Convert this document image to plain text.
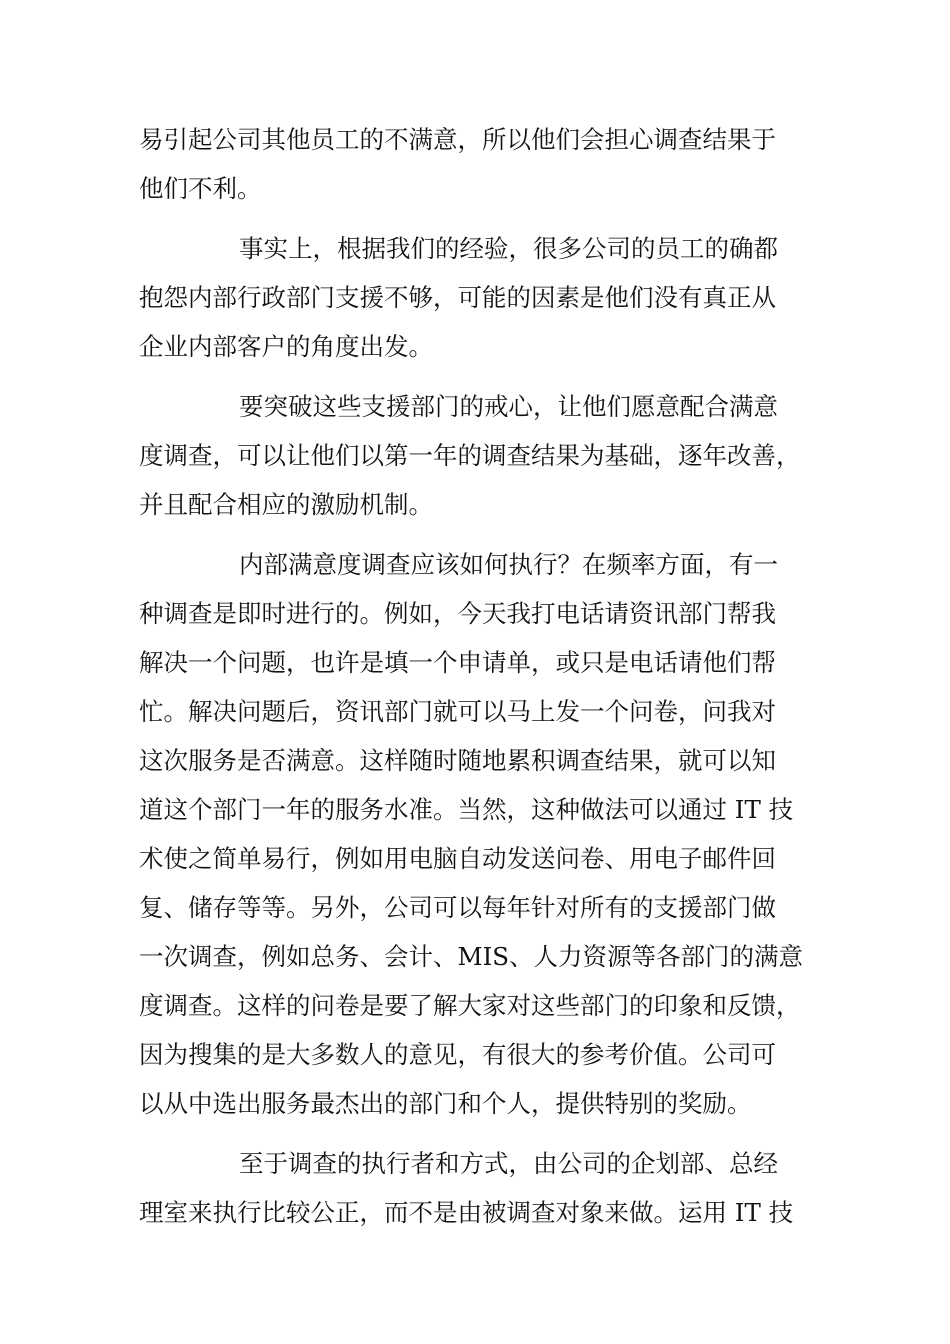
易引起公司其他员工的不满意，所以他们会担心调查结果于
他们不利。
事实上，根据我们的经验，很多公司的员工的确都
抱怨内部行政部门支援不够，可能的因素是他们没有真正从
企业内部客户的角度出发。
要突破这些支援部门的戒心，让他们愿意配合满意
度调查，可以让他们以第一年的调查结果为基础，逐年改善，
并且配合相应的激励机制。
内部满意度调查应该如何执行？在频率方面，有一
种调查是即时进行的。例如，今天我打电话请资讯部门帮我
解决一个问题，也许是填一个申请单，或只是电话请他们帮
忙。解决问题后，资讯部门就可以马上发一个问卷，问我对
这次服务是否满意。这样随时随地累积调查结果，就可以知
道这个部门一年的服务水准。当然，这种做法可以通过 IT 技
术使之简单易行，例如用电脑自动发送问卷、用电子邮件回
复、储存等等。另外，公司可以每年针对所有的支援部门做
一次调查，例如总务、会计、MIS、人力资源等各部门的满意
度调查。这样的问卷是要了解大家对这些部门的印象和反馈，
因为搜集的是大多数人的意见，有很大的参考价值。公司可
以从中选出服务最杰出的部门和个人，提供特别的奖励。
至于调查的执行者和方式，由公司的企划部、总经
理室来执行比较公正，而不是由被调查对象来做。运用 IT 技
